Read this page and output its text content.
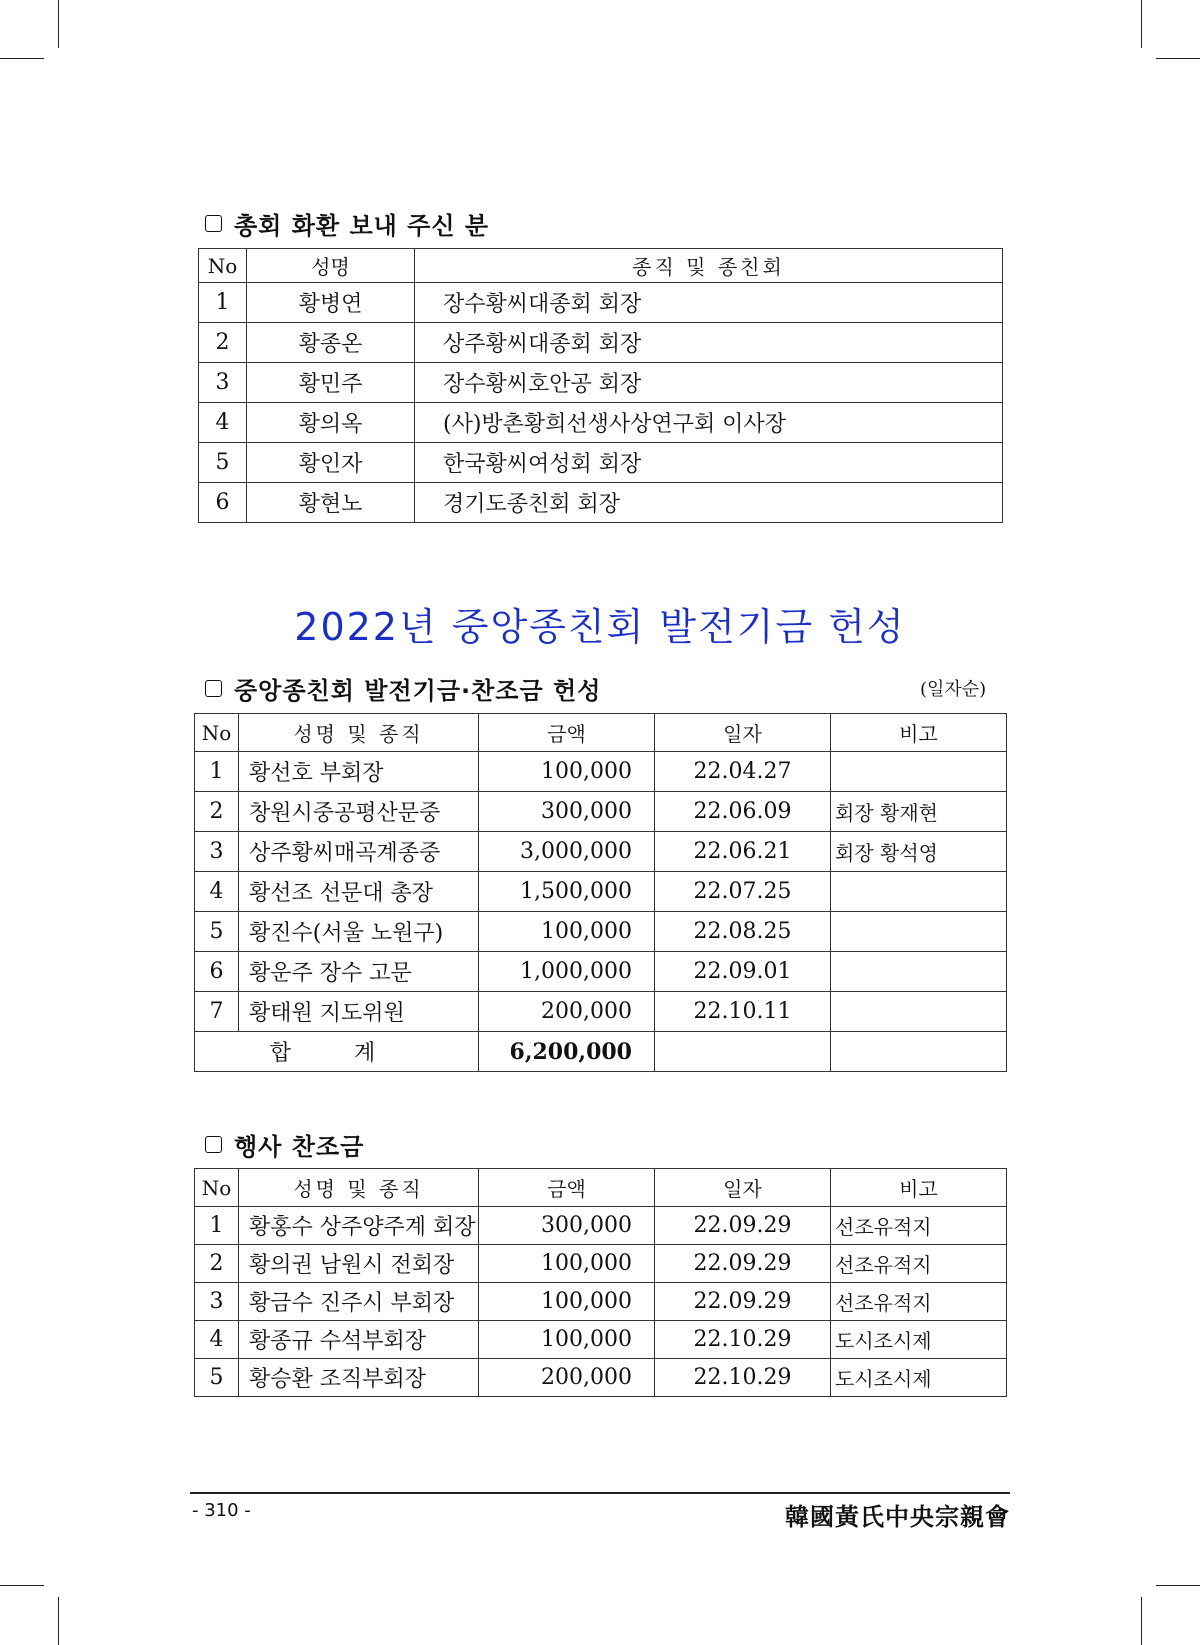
총회 화환 보내 주신 분
No	성명	종직 및 종친회
1	황병연	장수황씨대종회 회장
2	황종온	상주황씨대종회 회장
3	황민주	장수황씨호안공 회장
4	황의옥	(사)방촌황희선생사상연구회 이사장
5	황인자	한국황씨여성회 회장
6	황현노	경기도종친회 회장
2022년 중앙종친회 발전기금 헌성
중앙종친회 발전기금·찬조금 헌성	(일자순)
No	성명 및 종직	금액	일자	비고
1	황선호 부회장	100,000	22.04.27	
2	창원시중공평산문중	300,000	22.06.09	회장 황재현
3	상주황씨매곡계종중	3,000,000	22.06.21	회장 황석영
4	황선조 선문대 총장	1,500,000	22.07.25	
5	황진수(서울 노원구)	100,000	22.08.25	
6	황운주 장수 고문	1,000,000	22.09.01	
7	황태원 지도위원	200,000	22.10.11	
합 계		6,200,000		
행사 찬조금
No	성명 및 종직	금액	일자	비고
1	황홍수 상주양주계 회장	300,000	22.09.29	선조유적지
2	황의권 남원시 전회장	100,000	22.09.29	선조유적지
3	황금수 진주시 부회장	100,000	22.09.29	선조유적지
4	황종규 수석부회장	100,000	22.10.29	도시조시제
5	황승환 조직부회장	200,000	22.10.29	도시조시제
- 310 -	韓國黃氏中央宗親會
